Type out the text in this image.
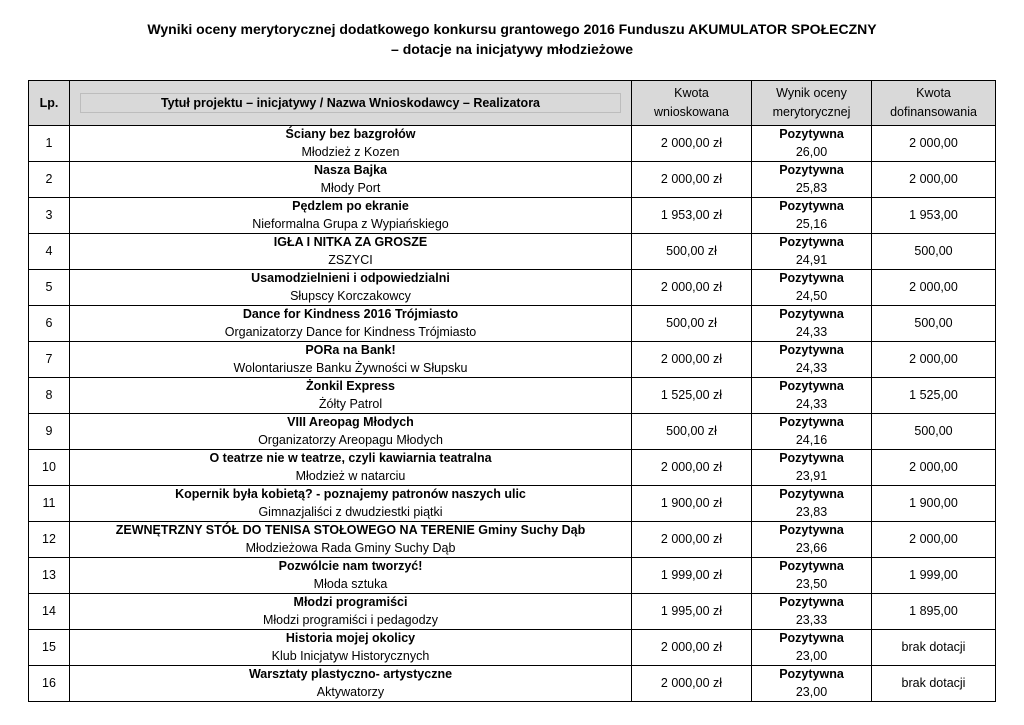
Wyniki oceny merytorycznej dodatkowego konkursu grantowego 2016 Funduszu AKUMULATOR SPOŁECZNY

– dotacje na inicjatywy młodzieżowe

Lp.	Tytuł projektu – inicjatywy / Nazwa Wnioskodawcy – Realizatora	Kwota
wnioskowana	Wynik oceny
merytorycznej	Kwota
dofinansowania

1	Ściany bez bazgrołów
Młodzież z Kozen	2 000,00 zł	Pozytywna
26,00	2 000,00
2	Nasza Bajka
Młody Port	2 000,00 zł	Pozytywna
25,83	2 000,00
3	Pędzlem po ekranie
Nieformalna Grupa z Wypiańskiego	1 953,00 zł	Pozytywna
25,16	1 953,00
4	IGŁA I NITKA ZA GROSZE
ZSZYCI	500,00 zł	Pozytywna
24,91	500,00
5	Usamodzielnieni i odpowiedzialni
Słupscy Korczakowcy	2 000,00 zł	Pozytywna
24,50	2 000,00
6	Dance for Kindness 2016 Trójmiasto
Organizatorzy Dance for Kindness Trójmiasto	500,00 zł	Pozytywna
24,33	500,00
7	PORa na Bank!
Wolontariusze Banku Żywności w Słupsku	2 000,00 zł	Pozytywna
24,33	2 000,00
8	Żonkil Express
Żółty Patrol	1 525,00 zł	Pozytywna
24,33	1 525,00
9	VIII Areopag Młodych
Organizatorzy Areopagu Młodych	500,00 zł	Pozytywna
24,16	500,00
10	O teatrze nie w teatrze, czyli kawiarnia teatralna
Młodzież w natarciu	2 000,00 zł	Pozytywna
23,91	2 000,00
11	Kopernik była kobietą? - poznajemy patronów naszych ulic
Gimnazjaliści z dwudziestki piątki	1 900,00 zł	Pozytywna
23,83	1 900,00
12	ZEWNĘTRZNY STÓŁ DO TENISA STOŁOWEGO NA TERENIE Gminy Suchy Dąb
Młodzieżowa Rada Gminy Suchy Dąb	2 000,00 zł	Pozytywna
23,66	2 000,00
13	Pozwólcie nam tworzyć!
Młoda sztuka	1 999,00 zł	Pozytywna
23,50	1 999,00
14	Młodzi programiści
Młodzi programiści i pedagodzy	1 995,00 zł	Pozytywna
23,33	1 895,00
15	Historia mojej okolicy
Klub Inicjatyw Historycznych	2 000,00 zł	Pozytywna
23,00	brak dotacji
16	Warsztaty plastyczno- artystyczne
Aktywatorzy	2 000,00 zł	Pozytywna
23,00	brak dotacji
